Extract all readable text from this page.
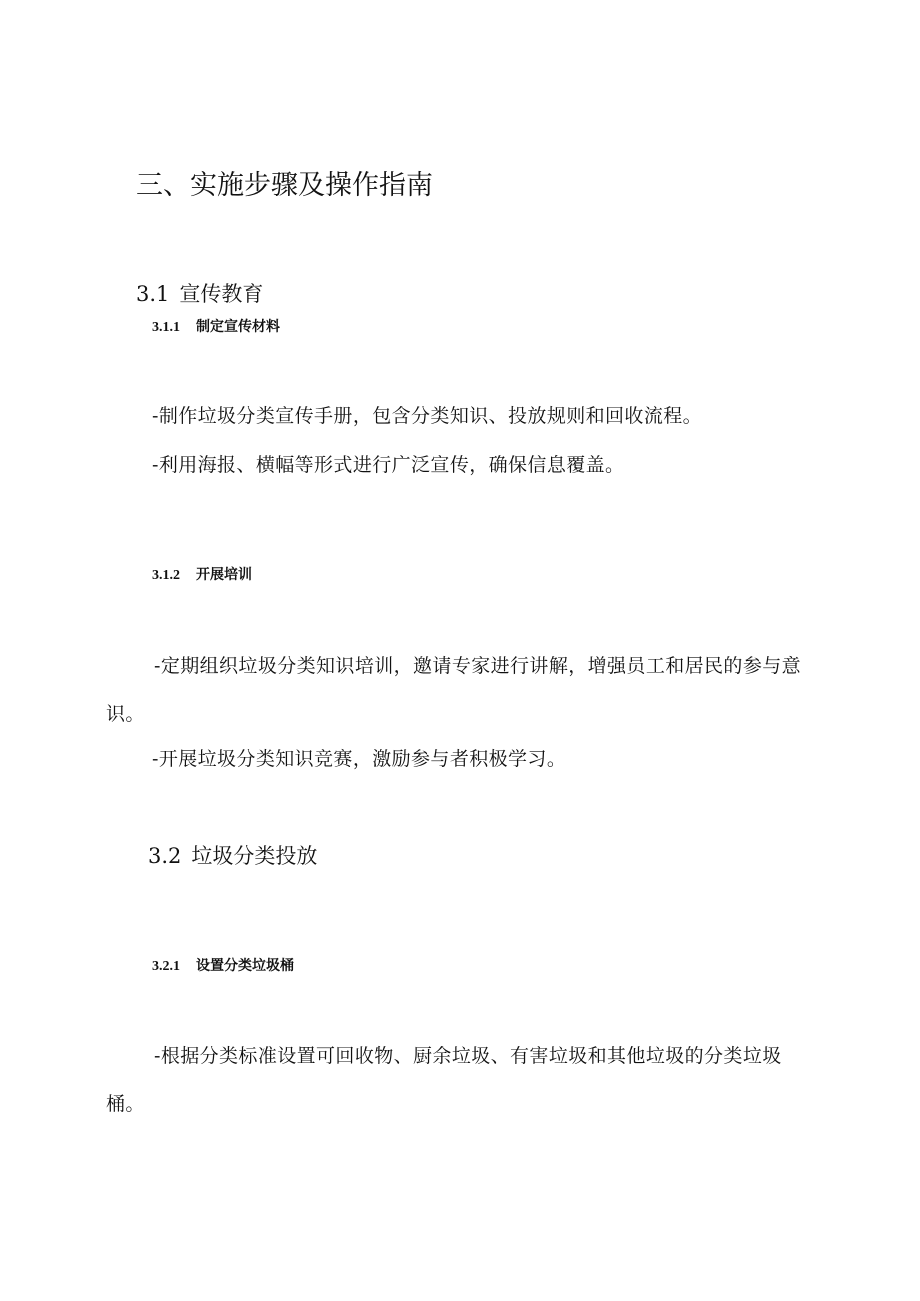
三、实施步骤及操作指南
3.1 宣传教育
3.1.1 制定宣传材料

-制作垃圾分类宣传手册，包含分类知识、投放规则和回收流程。

-利用海报、横幅等形式进行广泛宣传，确保信息覆盖。

3.1.2 开展培训

-定期组织垃圾分类知识培训，邀请专家进行讲解，增强员工和居民的参与意识。

-开展垃圾分类知识竞赛，激励参与者积极学习。

3.2 垃圾分类投放
3.2.1 设置分类垃圾桶

-根据分类标准设置可回收物、厨余垃圾、有害垃圾和其他垃圾的分类垃圾桶。
